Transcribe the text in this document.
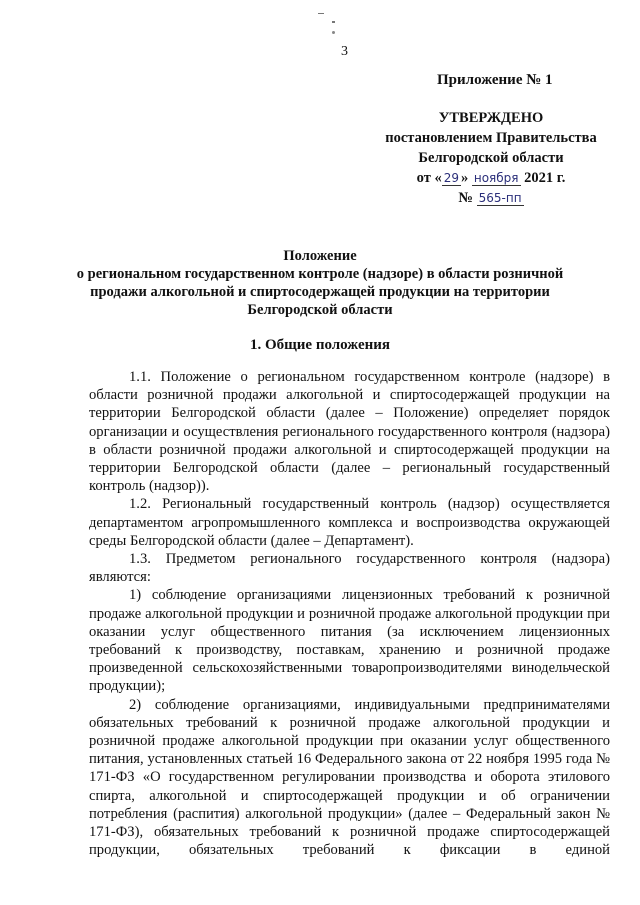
3
Приложение № 1
УТВЕРЖДЕНО
постановлением Правительства
Белгородской области
от « 29 » ноября 2021 г.
№ 565-пп
Положение
о региональном государственном контроле (надзоре) в области розничной
продажи алкогольной и спиртосодержащей продукции на территории
Белгородской области
1. Общие положения

1.1. Положение о региональном государственном контроле (надзоре) в области розничной продажи алкогольной и спиртосодержащей продукции на территории Белгородской области (далее – Положение) определяет порядок организации и осуществления регионального государственного контроля (надзора) в области розничной продажи алкогольной и спиртосодержащей продукции на территории Белгородской области (далее – региональный государственный контроль (надзор)).

1.2. Региональный государственный контроль (надзор) осуществляется департаментом агропромышленного комплекса и воспроизводства окружающей среды Белгородской области (далее – Департамент).

1.3. Предметом регионального государственного контроля (надзора) являются:

1) соблюдение организациями лицензионных требований к розничной продаже алкогольной продукции и розничной продаже алкогольной продукции при оказании услуг общественного питания (за исключением лицензионных требований к производству, поставкам, хранению и розничной продаже произведенной сельскохозяйственными товаропроизводителями винодельческой продукции);

2) соблюдение организациями, индивидуальными предпринимателями обязательных требований к розничной продаже алкогольной продукции и розничной продаже алкогольной продукции при оказании услуг общественного питания, установленных статьей 16 Федерального закона от 22 ноября 1995 года № 171-ФЗ «О государственном регулировании производства и оборота этилового спирта, алкогольной и спиртосодержащей продукции и об ограничении потребления (распития) алкогольной продукции» (далее – Федеральный закон № 171-ФЗ), обязательных требований к розничной продаже спиртосодержащей продукции, обязательных требований к фиксации в единой
